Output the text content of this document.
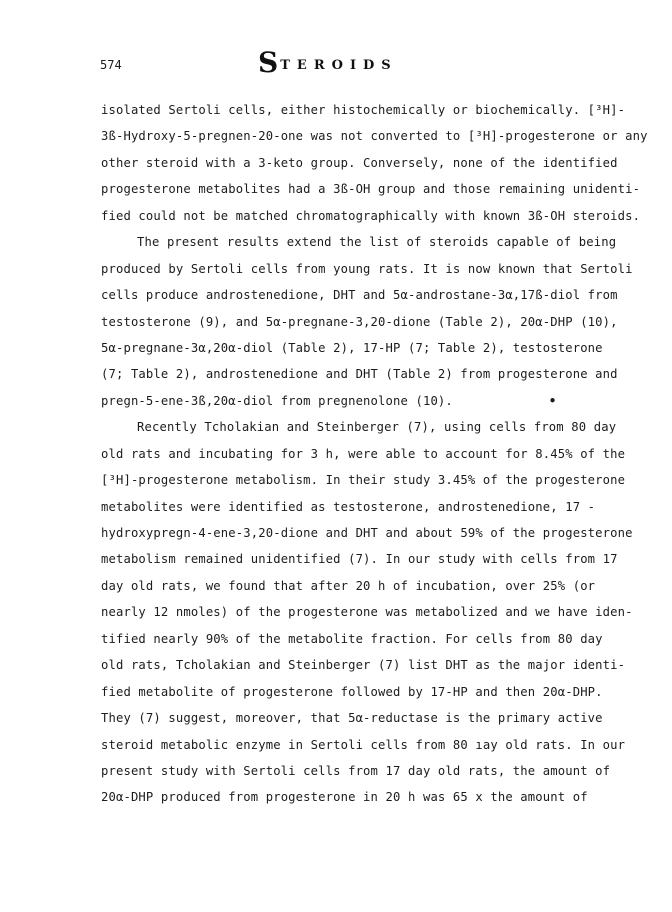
574	STEROIDS
isolated Sertoli cells, either histochemically or biochemically. [³H]-
3ß-Hydroxy-5-pregnen-20-one was not converted to [³H]-progesterone or any
other steroid with a 3-keto group. Conversely, none of the identified
progesterone metabolites had a 3ß-OH group and those remaining unidenti-
fied could not be matched chromatographically with known 3ß-OH steroids.
The present results extend the list of steroids capable of being
produced by Sertoli cells from young rats. It is now known that Sertoli
cells produce androstenedione, DHT and 5α-androstane-3α,17ß-diol from
testosterone (9), and 5α-pregnane-3,20-dione (Table 2), 20α-DHP (10),
5α-pregnane-3α,20α-diol (Table 2), 17-HP (7; Table 2), testosterone
(7; Table 2), androstenedione and DHT (Table 2) from progesterone and
pregn-5-ene-3ß,20α-diol from pregnenolone (10).	•
Recently Tcholakian and Steinberger (7), using cells from 80 day
old rats and incubating for 3 h, were able to account for 8.45% of the
[³H]-progesterone metabolism. In their study 3.45% of the progesterone
metabolites were identified as testosterone, androstenedione, 17 -
hydroxypregn-4-ene-3,20-dione and DHT and about 59% of the progesterone
metabolism remained unidentified (7). In our study with cells from 17
day old rats, we found that after 20 h of incubation, over 25% (or
nearly 12 nmoles) of the progesterone was metabolized and we have iden-
tified nearly 90% of the metabolite fraction. For cells from 80 day
old rats, Tcholakian and Steinberger (7) list DHT as the major identi-
fied metabolite of progesterone followed by 17-HP and then 20α-DHP.
They (7) suggest, moreover, that 5α-reductase is the primary active
steroid metabolic enzyme in Sertoli cells from 80 ıay old rats. In our
present study with Sertoli cells from 17 day old rats, the amount of
20α-DHP produced from progesterone in 20 h was 65 x the amount of
